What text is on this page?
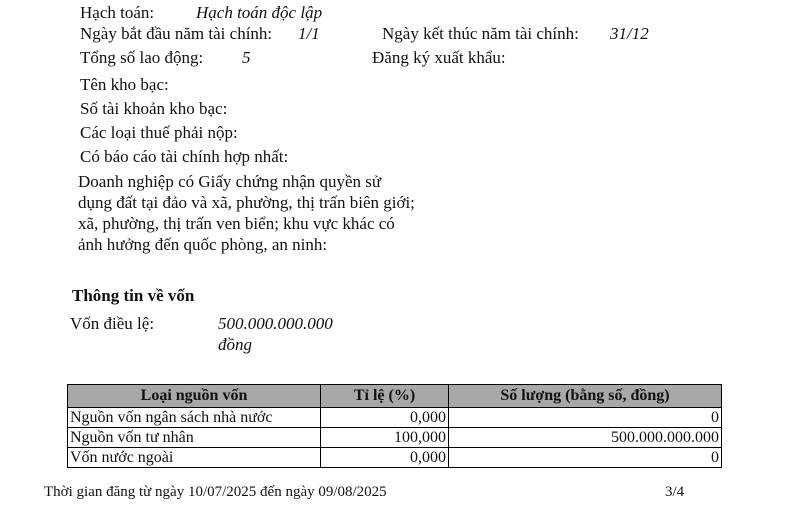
Hạch toán: Hạch toán độc lập
Ngày bắt đầu năm tài chính: 1/1	Ngày kết thúc năm tài chính: 31/12
Tổng số lao động: 5	Đăng ký xuất khẩu:
Tên kho bạc:
Số tài khoản kho bạc:
Các loại thuế phải nộp:
Có báo cáo tài chính hợp nhất:
Doanh nghiệp có Giấy chứng nhận quyền sử dụng đất tại đảo và xã, phường, thị trấn biên giới; xã, phường, thị trấn ven biển; khu vực khác có ảnh hưởng đến quốc phòng, an ninh:
Thông tin về vốn
Vốn điều lệ:	500.000.000.000
đồng
Loại nguồn vốn	Tỉ lệ (%)	Số lượng (bằng số, đồng)
Nguồn vốn ngân sách nhà nước	0,000	0
Nguồn vốn tư nhân	100,000	500.000.000.000
Vốn nước ngoài	0,000	0
Thời gian đăng từ ngày 10/07/2025 đến ngày 09/08/2025	3/4
